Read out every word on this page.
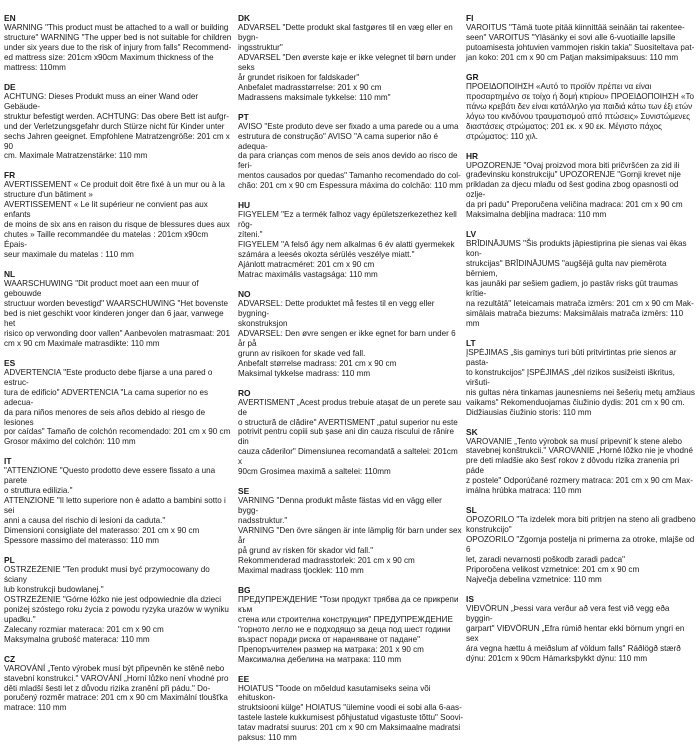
EN
WARNING "This product must be attached to a wall or building
structure" WARNING "The upper bed is not suitable for children
under six years due to the risk of injury from falls" Recommend-
ed mattress size: 201cm x90cm Maximum thickness of the mattress: 110mm
DE
ACHTUNG: Dieses Produkt muss an einer Wand oder Gebäude-
struktur befestigt werden. ACHTUNG: Das obere Bett ist aufgr-
und der Verletzungsgefahr durch Stürze nicht für Kinder unter
sechs Jahren geeignet. Empfohlene Matratzengröße: 201 cm x 90
cm. Maximale Matratzenstärke: 110 mm
FR
AVERTISSEMENT « Ce produit doit être fixé à un mur ou à la
structure d'un bâtiment »
AVERTISSEMENT « Le lit supérieur ne convient pas aux enfants
de moins de six ans en raison du risque de blessures dues aux
chutes » Taille recommandée du matelas : 201cm x90cm Épais-
seur maximale du matelas : 110 mm
NL
WAARSCHUWING "Dit product moet aan een muur of gebouwde
structuur worden bevestigd" WAARSCHUWING "Het bovenste
bed is niet geschikt voor kinderen jonger dan 6 jaar, vanwege het
risico op verwonding door vallen" Aanbevolen matrasmaat: 201
cm x 90 cm Maximale matrasdikte: 110 mm
ES
ADVERTENCIA "Este producto debe fijarse a una pared o estruc-
tura de edificio" ADVERTENCIA "La cama superior no es adecua-
da para niños menores de seis años debido al riesgo de lesiones
por caídas" Tamaño de colchón recomendado: 201 cm x 90 cm
Grosor máximo del colchón: 110 mm
IT
"ATTENZIONE "Questo prodotto deve essere fissato a una parete
o struttura edilizia."
ATTENZIONE "Il letto superiore non è adatto a bambini sotto i sei
anni a causa del rischio di lesioni da caduta."
Dimensioni consigliate del materasso: 201 cm x 90 cm
Spessore massimo del materasso: 110 mm
PL
OSTRZEŻENIE "Ten produkt musi być przymocowany do ściany
lub konstrukcji budowlanej."
OSTRZEŻENIE "Górne łóżko nie jest odpowiednie dla dzieci
poniżej szóstego roku życia z powodu ryzyka urazów w wyniku
upadku."
Zalecany rozmiar materaca: 201 cm x 90 cm
Maksymalna grubość materaca: 110 mm
CZ
VAROVÁNÍ „Tento výrobek musí být připevněn ke stěně nebo
stavební konstrukci." VAROVÁNÍ „Horní lůžko není vhodné pro
děti mladší šesti let z důvodu rizika zranění při pádu." Do-
poručený rozměr matrace: 201 cm x 90 cm Maximální tloušťka
matrace: 110 mm
DK
ADVARSEL "Dette produkt skal fastgøres til en væg eller en bygn-
ingsstruktur"
ADVARSEL "Den øverste køje er ikke velegnet til børn under seks
år grundet risikoen for faldskader"
Anbefalet madrasstørrelse: 201 x 90 cm
Madrassens maksimale tykkelse: 110 mm"
PT
AVISO "Este produto deve ser fixado a uma parede ou a uma
estrutura de construção" AVISO "A cama superior não é adequa-
da para crianças com menos de seis anos devido ao risco de feri-
mentos causados por quedas" Tamanho recomendado do col-
chão: 201 cm x 90 cm Espessura máxima do colchão: 110 mm
HU
FIGYELEM "Ez a termék falhoz vagy épületszerkezethez kell rög-
zíteni."
FIGYELEM "A felső ágy nem alkalmas 6 év alatti gyermekek
számára a leesés okozta sérülés veszélye miatt."
Ajánlott matracméret: 201 cm x 90 cm
Matrac maximális vastagsága: 110 mm
NO
ADVARSEL: Dette produktet må festes til en vegg eller bygning-
skonstruksjon
ADVARSEL: Den øvre sengen er ikke egnet for barn under 6 år på
grunn av risikoen for skade ved fall.
Anbefalt størrelse madrass: 201 cm x 90 cm
Maksimal tykkelse madrass: 110 mm
RO
AVERTISMENT „Acest produs trebuie atașat de un perete sau de
o structură de clădire" AVERTISMENT „patul superior nu este
potrivit pentru copiii sub șase ani din cauza riscului de rănire din
cauza căderilor" Dimensiunea recomandată a saltelei: 201cm x
90cm Grosimea maximă a saltelei: 110mm
SE
VARNING "Denna produkt måste fästas vid en vägg eller bygg-
nadsstruktur."
VARNING "Den övre sängen är inte lämplig för barn under sex år
på grund av risken för skador vid fall."
Rekommenderad madrasstorlek: 201 cm x 90 cm
Maximal madrass tjocklek: 110 mm
BG
ПРЕДУПРЕЖДЕНИЕ "Този продукт трябва да се прикрепи към
стена или строителна конструкция" ПРЕДУПРЕЖДЕНИЕ
"горното легло не е подходящо за деца под шест години
възраст поради риска от нараняване от падане"
Препоръчителен размер на матрака: 201 x 90 cm
Максимална дебелина на матрака: 110 mm
EE
HOIATUS "Toode on mõeldud kasutamiseks seina või ehituskon-
struktsiooni külge" HOIATUS "ülemine voodi ei sobi alla 6-aas-
tastele lastele kukkumisest põhjustatud vigastuste tõttu" Soovi-
tatav madratsi suurus: 201 cm x 90 cm Maksimaalne madratsi
paksus: 110 mm
FI
VAROITUS "Tämä tuote pitää kiinnittää seinään tai rakentee-
seen" VAROITUS "Yläsänky ei sovi alle 6-vuotiaille lapsille
putoamisesta johtuvien vammojen riskin takia" Suositeltava pat-
jan koko: 201 cm x 90 cm Patjan maksimipaksuus: 110 mm
GR
ΠΡΟΕΙΔΟΠΟΙΗΣΗ «Αυτό το προϊόν πρέπει να είναι
προσαρτημένο σε τοίχο ή δομή κτιρίου» ΠΡΟΕΙΔΟΠΟΙΗΣΗ «Το
πάνω κρεβάτι δεν είναι κατάλληλο για παιδιά κάτω των έξι ετών
λόγω του κινδύνου τραυματισμού από πτώσεις» Συνιστώμενες
διαστάσεις στρώματος: 201 εκ. x 90 εκ. Μέγιστο πάχος
στρώματος: 110 χιλ.
HR
UPOZORENJE "Ovaj proizvod mora biti pričvršćen za zid ili
građevinsku konstrukciju" UPOZORENJE "Gornji krevet nije
prikladan za djecu mlađu od šest godina zbog opasnosti od ozlje-
da pri padu" Preporučena veličina madraca: 201 cm x 90 cm
Maksimalna debljina madraca: 110 mm
LV
BRĪDINĀJUMS "Šis produkts jāpiestiprina pie sienas vai ēkas kon-
strukcijas" BRĪDINĀJUMS "augšējā gulta nav piemērota bērniem,
kas jaunāki par sešiem gadiem, jo pastāv risks gūt traumas krītie-
na rezultātā" Ieteicamais matrača izmērs: 201 cm x 90 cm Mak-
simālais matrača biezums: Maksimālais matrača izmērs: 110 mm
LT
ĮSPĖJIMAS „šis gaminys turi būti pritvirtintas prie sienos ar pasta-
to konstrukcijos" ĮSPĖJIMAS „dėl rizikos susižeisti iškritus, viršuti-
nis gultas nėra tinkamas jaunesniems nei šešerių metų amžiaus
vaikams" Rekomenduojamas čiužinio dydis: 201 cm x 90 cm.
Didžiausias čiužinio storis: 110 mm
SK
VAROVANIE „Tento výrobok sa musí pripevniť k stene alebo
stavebnej konštrukcii." VAROVANIE „Horné lôžko nie je vhodné
pre deti mladšie ako šesť rokov z dôvodu rizika zranenia pri páde
z postele" Odporúčané rozmery matraca: 201 cm x 90 cm Max-
imálna hrúbka matraca: 110 mm
SL
OPOZORILO "Ta izdelek mora biti pritrjen na steno ali gradbeno
konstrukcijo"
OPOZORILO "Zgornja postelja ni primerna za otroke, mlajše od 6
let, zaradi nevarnosti poškodb zaradi padca"
Priporočena velikost vzmetnice: 201 cm x 90 cm
Največja debelina vzmetnice: 110 mm
IS
VIÐVÖRUN „Þessi vara verður að vera fest við vegg eða byggin-
garpart" VIÐVÖRUN „Efra rúmið hentar ekki börnum yngri en sex
ára vegna hættu á meiðslum af völdum falls" Ráðlögð stærð
dýnu: 201cm x 90cm Hámarksþykkt dýnu: 110 mm
